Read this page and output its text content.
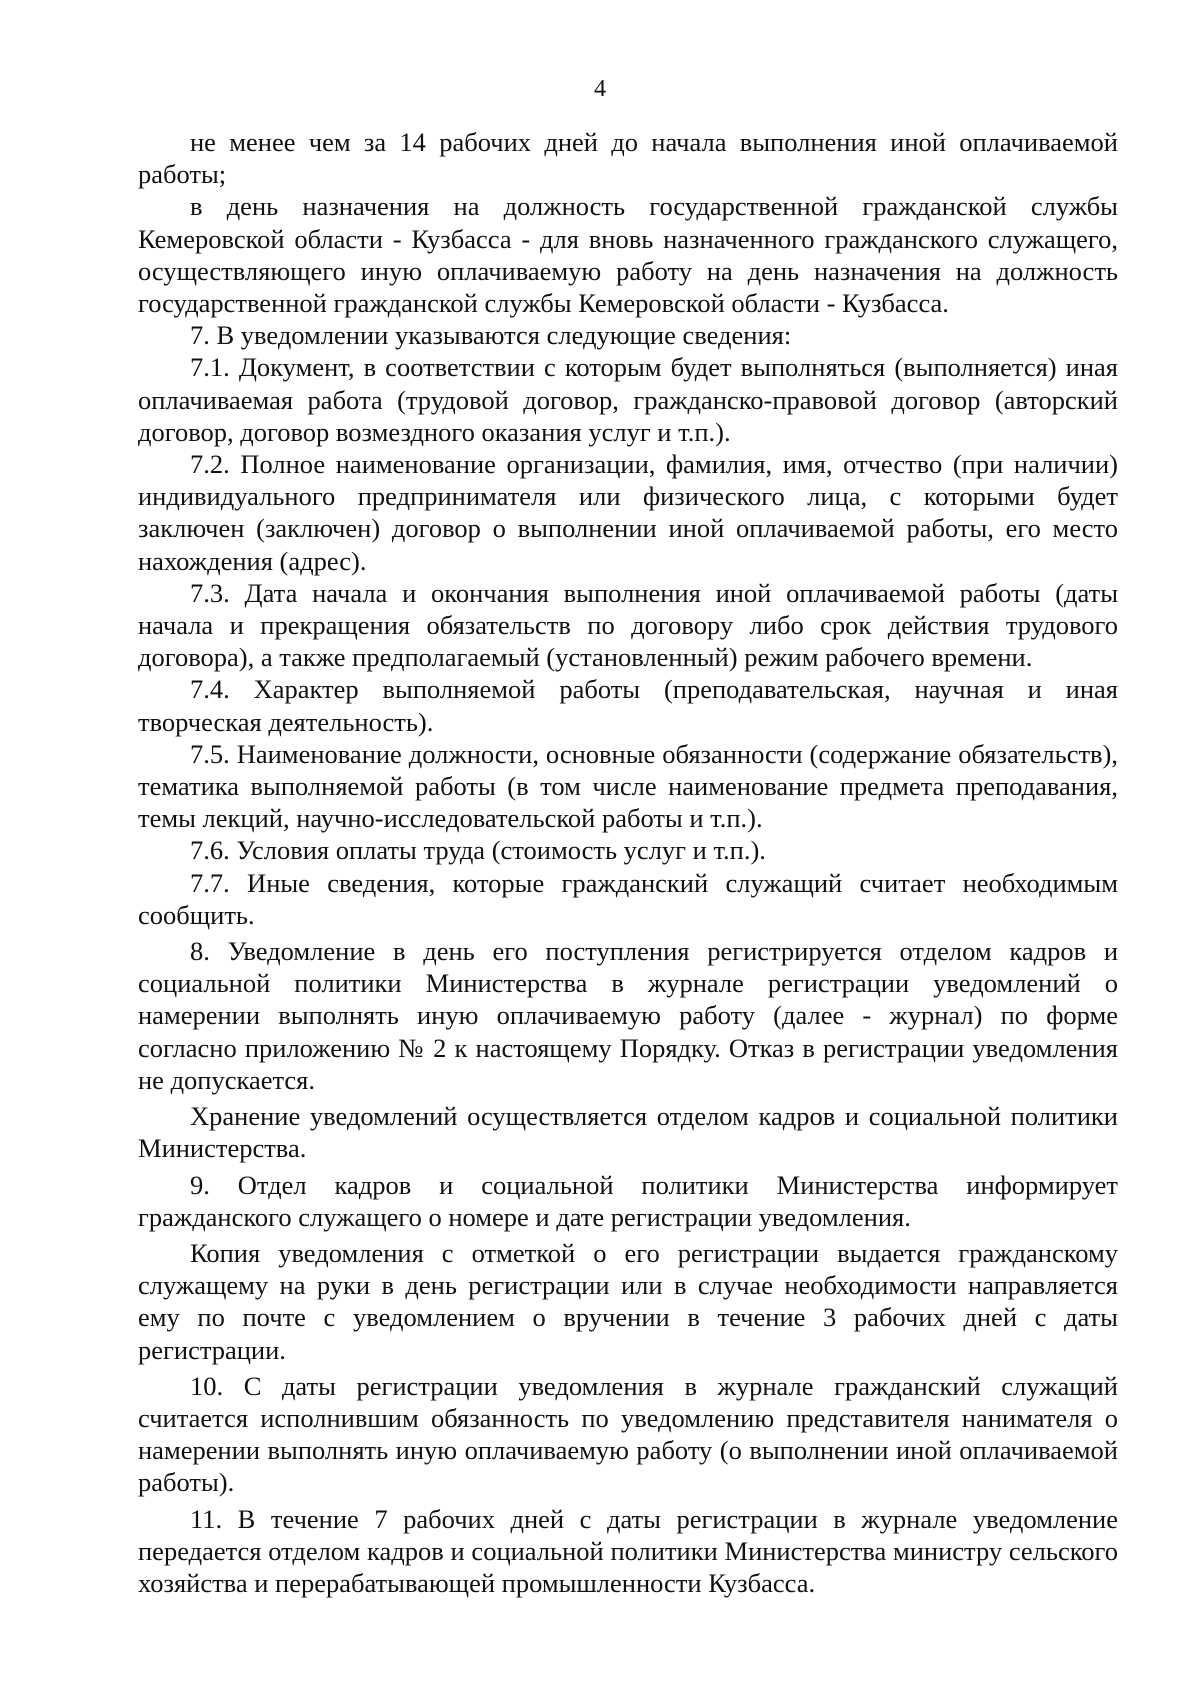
4

не менее чем за 14 рабочих дней до начала выполнения иной оплачиваемой работы;

в день назначения на должность государственной гражданской службы Кемеровской области - Кузбасса - для вновь назначенного гражданского служащего, осуществляющего иную оплачиваемую работу на день назначения на должность государственной гражданской службы Кемеровской области - Кузбасса.

7. В уведомлении указываются следующие сведения:

7.1. Документ, в соответствии с которым будет выполняться (выполняется) иная оплачиваемая работа (трудовой договор, гражданско-правовой договор (авторский договор, договор возмездного оказания услуг и т.п.).

7.2. Полное наименование организации, фамилия, имя, отчество (при наличии) индивидуального предпринимателя или физического лица, с которыми будет заключен (заключен) договор о выполнении иной оплачиваемой работы, его место нахождения (адрес).

7.3. Дата начала и окончания выполнения иной оплачиваемой работы (даты начала и прекращения обязательств по договору либо срок действия трудового договора), а также предполагаемый (установленный) режим рабочего времени.

7.4. Характер выполняемой работы (преподавательская, научная и иная творческая деятельность).

7.5. Наименование должности, основные обязанности (содержание обязательств), тематика выполняемой работы (в том числе наименование предмета преподавания, темы лекций, научно-исследовательской работы и т.п.).

7.6. Условия оплаты труда (стоимость услуг и т.п.).

7.7. Иные сведения, которые гражданский служащий считает необходимым сообщить.

8. Уведомление в день его поступления регистрируется отделом кадров и социальной политики Министерства в журнале регистрации уведомлений о намерении выполнять иную оплачиваемую работу (далее - журнал) по форме согласно приложению № 2 к настоящему Порядку. Отказ в регистрации уведомления не допускается.

Хранение уведомлений осуществляется отделом кадров и социальной политики Министерства.

9. Отдел кадров и социальной политики Министерства информирует гражданского служащего о номере и дате регистрации уведомления.

Копия уведомления с отметкой о его регистрации выдается гражданскому служащему на руки в день регистрации или в случае необходимости направляется ему по почте с уведомлением о вручении в течение 3 рабочих дней с даты регистрации.

10. С даты регистрации уведомления в журнале гражданский служащий считается исполнившим обязанность по уведомлению представителя нанимателя о намерении выполнять иную оплачиваемую работу (о выполнении иной оплачиваемой работы).

11. В течение 7 рабочих дней с даты регистрации в журнале уведомление передается отделом кадров и социальной политики Министерства министру сельского хозяйства и перерабатывающей промышленности Кузбасса.
